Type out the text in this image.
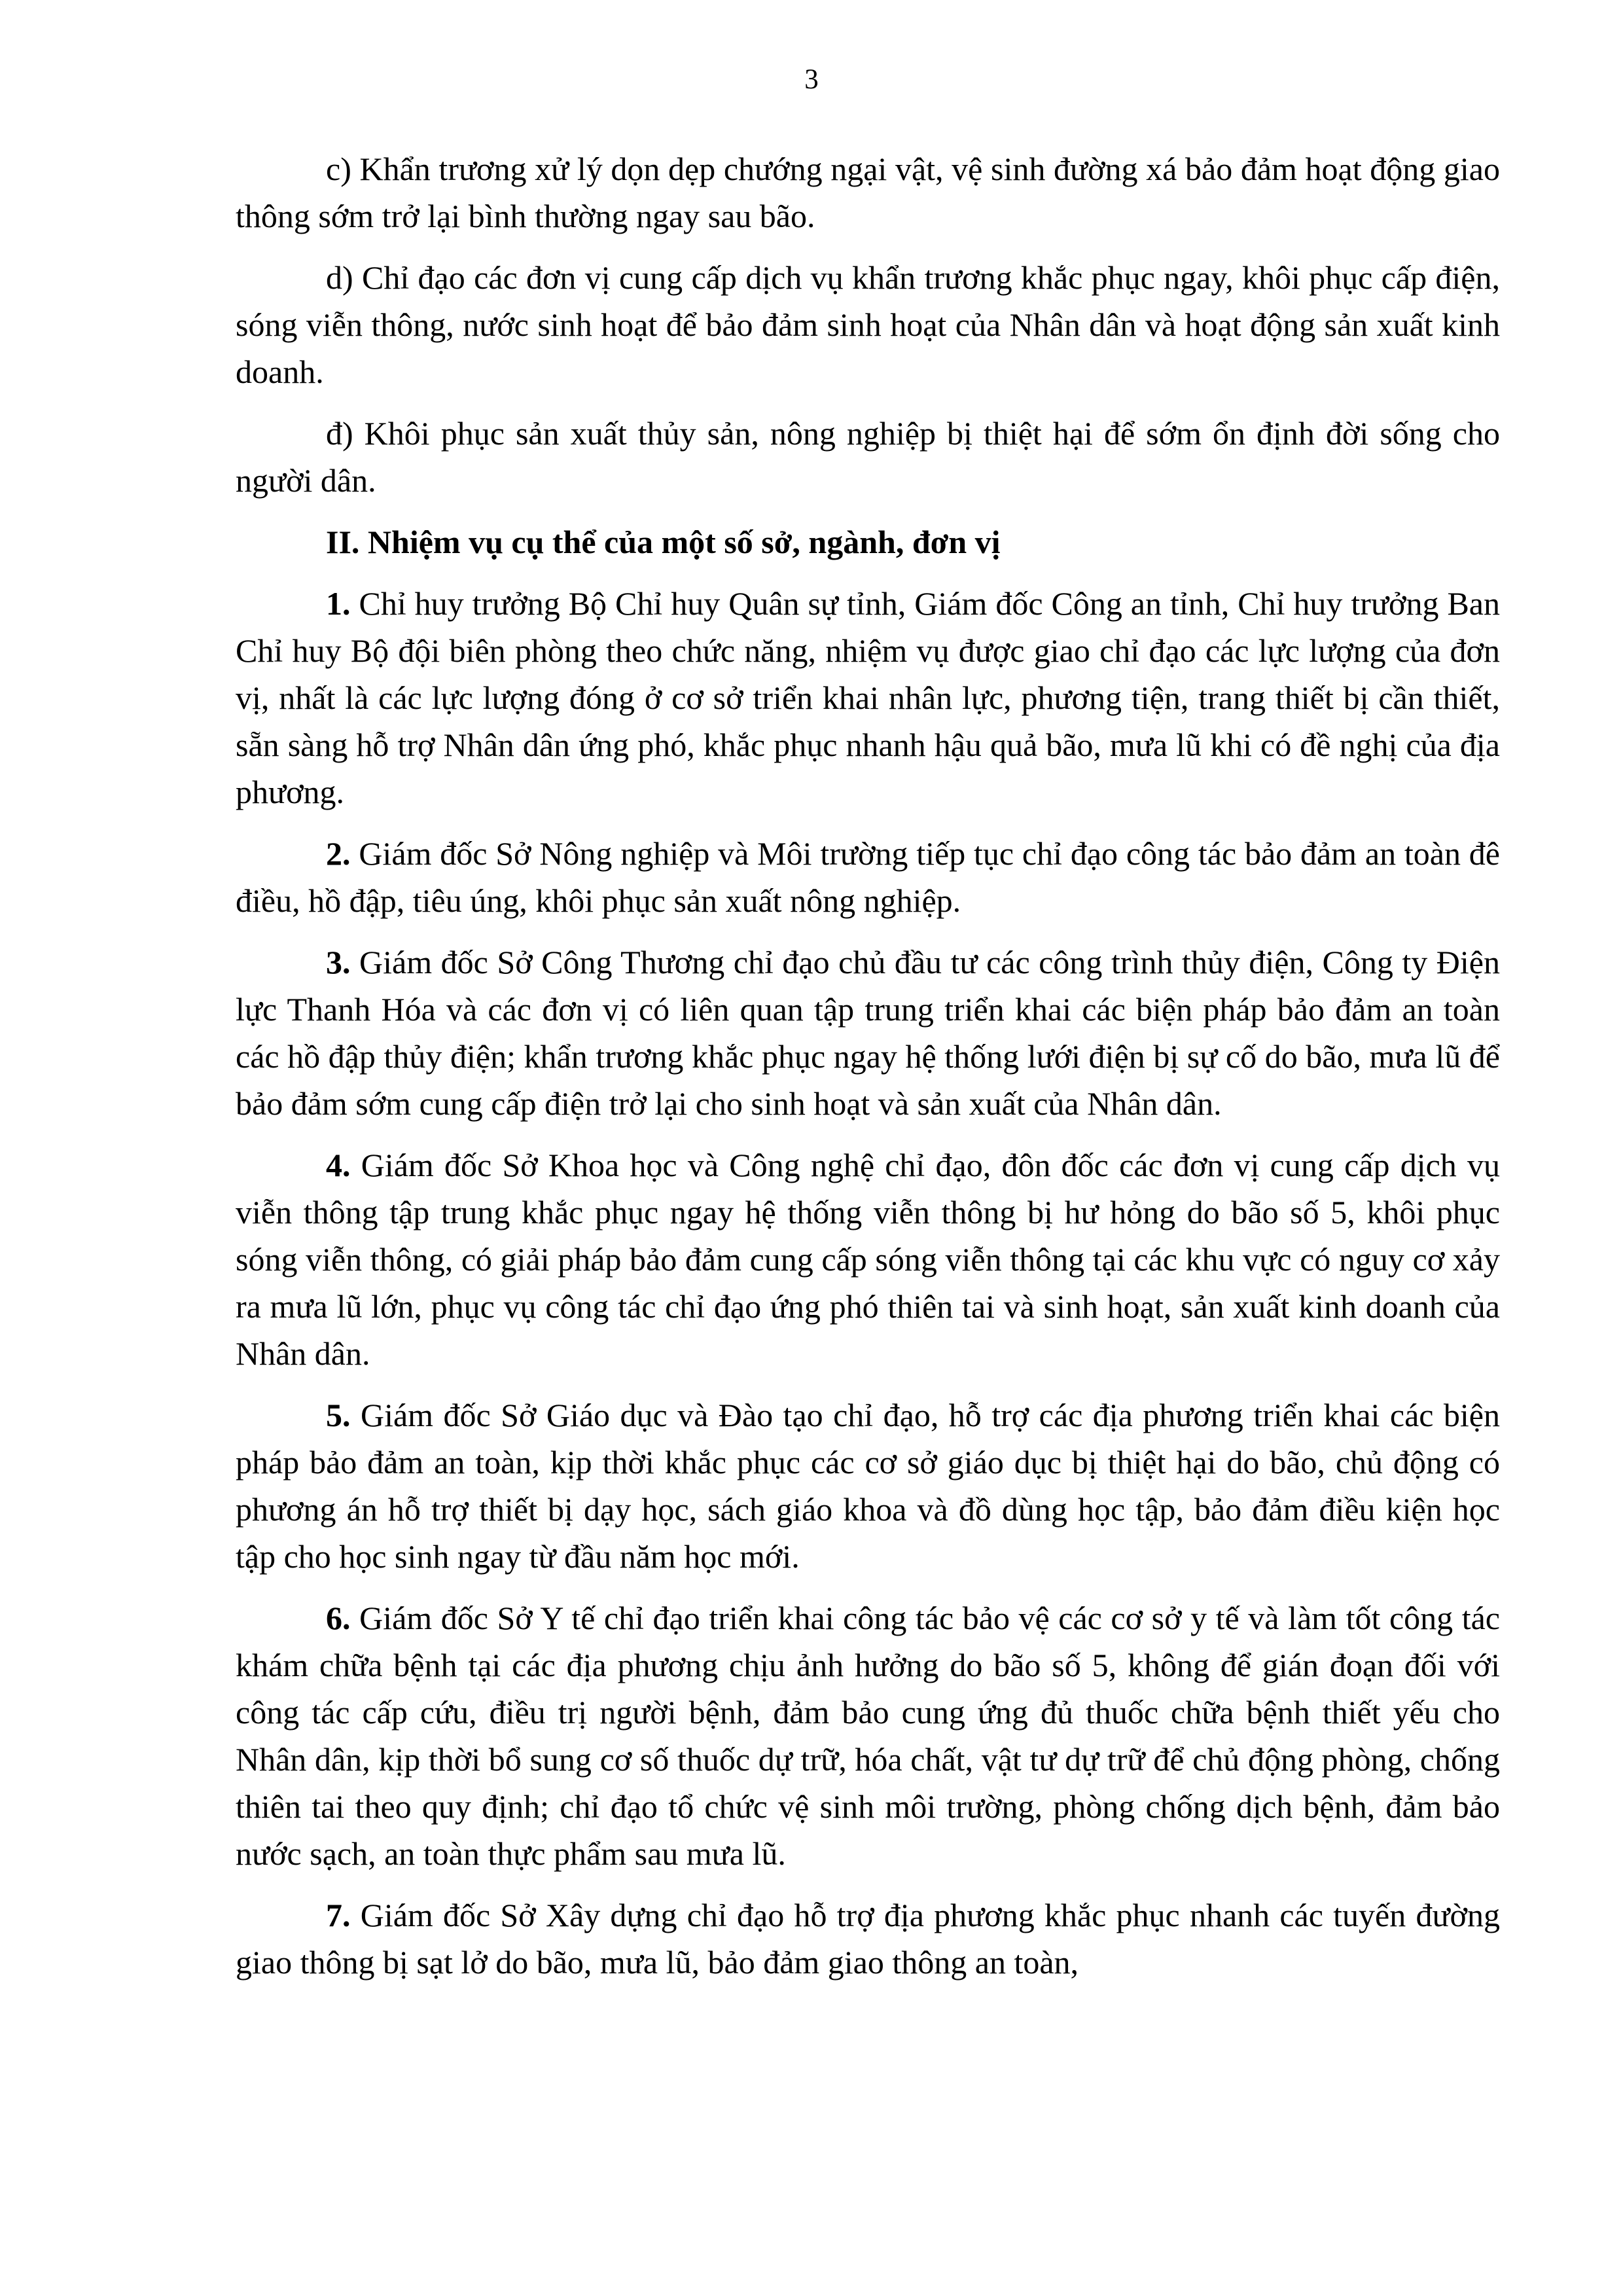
3

c) Khẩn trương xử lý dọn dẹp chướng ngại vật, vệ sinh đường xá bảo đảm hoạt động giao thông sớm trở lại bình thường ngay sau bão.

d) Chỉ đạo các đơn vị cung cấp dịch vụ khẩn trương khắc phục ngay, khôi phục cấp điện, sóng viễn thông, nước sinh hoạt để bảo đảm sinh hoạt của Nhân dân và hoạt động sản xuất kinh doanh.

đ) Khôi phục sản xuất thủy sản, nông nghiệp bị thiệt hại để sớm ổn định đời sống cho người dân.

II. Nhiệm vụ cụ thể của một số sở, ngành, đơn vị

1. Chỉ huy trưởng Bộ Chỉ huy Quân sự tỉnh, Giám đốc Công an tỉnh, Chỉ huy trưởng Ban Chỉ huy Bộ đội biên phòng theo chức năng, nhiệm vụ được giao chỉ đạo các lực lượng của đơn vị, nhất là các lực lượng đóng ở cơ sở triển khai nhân lực, phương tiện, trang thiết bị cần thiết, sẵn sàng hỗ trợ Nhân dân ứng phó, khắc phục nhanh hậu quả bão, mưa lũ khi có đề nghị của địa phương.

2. Giám đốc Sở Nông nghiệp và Môi trường tiếp tục chỉ đạo công tác bảo đảm an toàn đê điều, hồ đập, tiêu úng, khôi phục sản xuất nông nghiệp.

3. Giám đốc Sở Công Thương chỉ đạo chủ đầu tư các công trình thủy điện, Công ty Điện lực Thanh Hóa và các đơn vị có liên quan tập trung triển khai các biện pháp bảo đảm an toàn các hồ đập thủy điện; khẩn trương khắc phục ngay hệ thống lưới điện bị sự cố do bão, mưa lũ để bảo đảm sớm cung cấp điện trở lại cho sinh hoạt và sản xuất của Nhân dân.

4. Giám đốc Sở Khoa học và Công nghệ chỉ đạo, đôn đốc các đơn vị cung cấp dịch vụ viễn thông tập trung khắc phục ngay hệ thống viễn thông bị hư hỏng do bão số 5, khôi phục sóng viễn thông, có giải pháp bảo đảm cung cấp sóng viễn thông tại các khu vực có nguy cơ xảy ra mưa lũ lớn, phục vụ công tác chỉ đạo ứng phó thiên tai và sinh hoạt, sản xuất kinh doanh của Nhân dân.

5. Giám đốc Sở Giáo dục và Đào tạo chỉ đạo, hỗ trợ các địa phương triển khai các biện pháp bảo đảm an toàn, kịp thời khắc phục các cơ sở giáo dục bị thiệt hại do bão, chủ động có phương án hỗ trợ thiết bị dạy học, sách giáo khoa và đồ dùng học tập, bảo đảm điều kiện học tập cho học sinh ngay từ đầu năm học mới.

6. Giám đốc Sở Y tế chỉ đạo triển khai công tác bảo vệ các cơ sở y tế và làm tốt công tác khám chữa bệnh tại các địa phương chịu ảnh hưởng do bão số 5, không để gián đoạn đối với công tác cấp cứu, điều trị người bệnh, đảm bảo cung ứng đủ thuốc chữa bệnh thiết yếu cho Nhân dân, kịp thời bổ sung cơ số thuốc dự trữ, hóa chất, vật tư dự trữ để chủ động phòng, chống thiên tai theo quy định; chỉ đạo tổ chức vệ sinh môi trường, phòng chống dịch bệnh, đảm bảo nước sạch, an toàn thực phẩm sau mưa lũ.

7. Giám đốc Sở Xây dựng chỉ đạo hỗ trợ địa phương khắc phục nhanh các tuyến đường giao thông bị sạt lở do bão, mưa lũ, bảo đảm giao thông an toàn,
